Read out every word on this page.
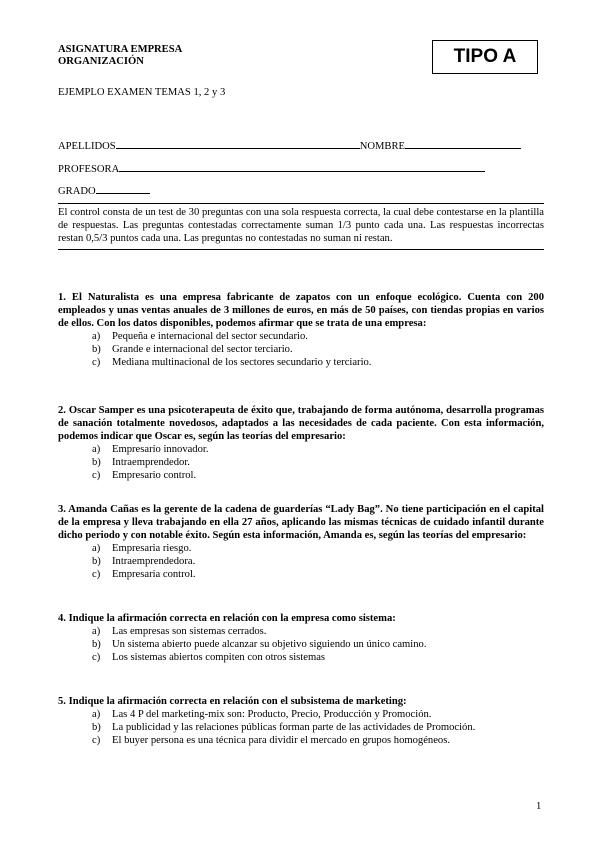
ASIGNATURA EMPRESA
ORGANIZACIÓN	TIPO A
EJEMPLO EXAMEN TEMAS 1, 2 y 3
APELLIDOS	NOMBRE
PROFESORA
GRADO
El control consta de un test de 30 preguntas con una sola respuesta correcta, la cual debe contestarse en la plantilla de respuestas. Las preguntas contestadas correctamente suman 1/3 punto cada una. Las respuestas incorrectas restan 0,5/3 puntos cada una. Las preguntas no contestadas no suman ni restan.

1. El Naturalista es una empresa fabricante de zapatos con un enfoque ecológico. Cuenta con 200 empleados y unas ventas anuales de 3 millones de euros, en más de 50 países, con tiendas propias en varios de ellos. Con los datos disponibles, podemos afirmar que se trata de una empresa:

a)	Pequeña e internacional del sector secundario.
b)	Grande e internacional del sector terciario.
c)	Mediana multinacional de los sectores secundario y terciario.

2. Oscar Samper es una psicoterapeuta de éxito que, trabajando de forma autónoma, desarrolla programas de sanación totalmente novedosos, adaptados a las necesidades de cada paciente. Con esta información, podemos indicar que Oscar es, según las teorías del empresario:

a)	Empresario innovador.
b)	Intraemprendedor.
c)	Empresario control.

3. Amanda Cañas es la gerente de la cadena de guarderías “Lady Bag”. No tiene participación en el capital de la empresa y lleva trabajando en ella 27 años, aplicando las mismas técnicas de cuidado infantil durante dicho periodo y con notable éxito. Según esta información, Amanda es, según las teorías del empresario:

a)	Empresaria riesgo.
b)	Intraemprendedora.
c)	Empresaria control.

4. Indique la afirmación correcta en relación con la empresa como sistema:

a)	Las empresas son sistemas cerrados.
b)	Un sistema abierto puede alcanzar su objetivo siguiendo un único camino.
c)	Los sistemas abiertos compiten con otros sistemas

5. Indique la afirmación correcta en relación con el subsistema de marketing:

a)	Las 4 P del marketing-mix son: Producto, Precio, Producción y Promoción.
b)	La publicidad y las relaciones públicas forman parte de las actividades de Promoción.
c)	El buyer persona es una técnica para dividir el mercado en grupos homogéneos.
1
